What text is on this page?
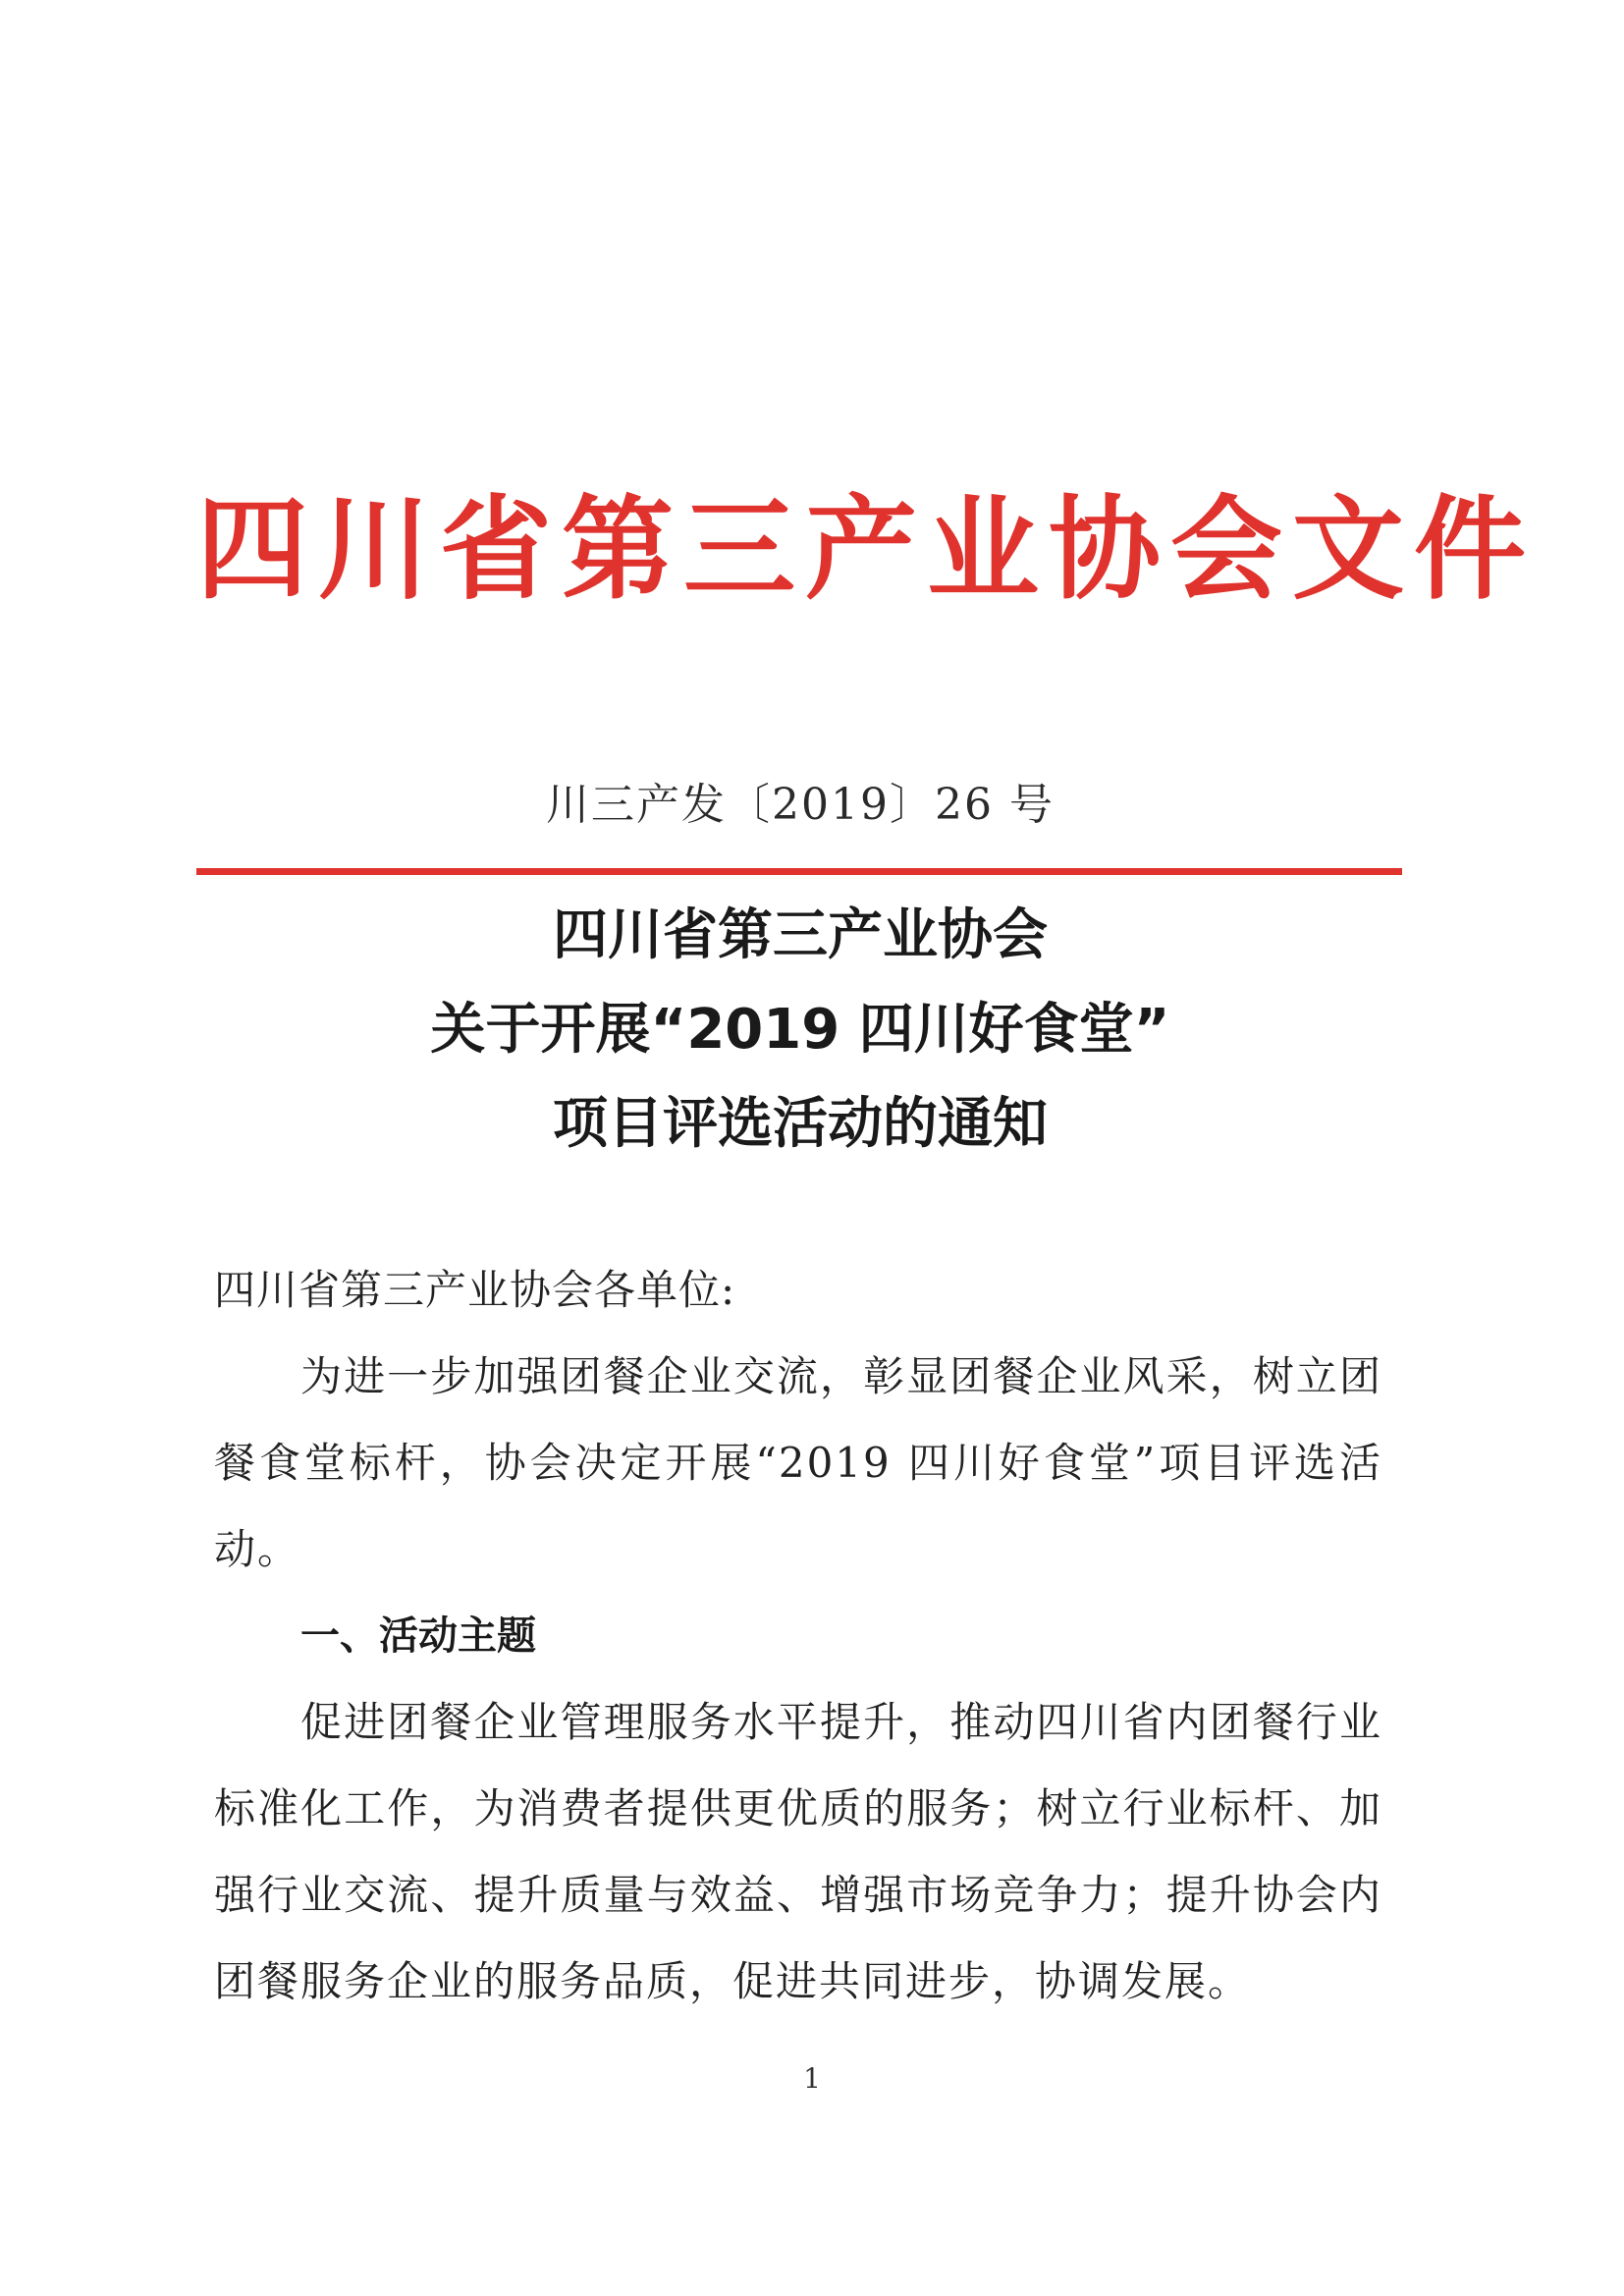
四川省第三产业协会文件
川三产发〔2019〕26 号
四川省第三产业协会
关于开展“2019 四川好食堂”
项目评选活动的通知
四川省第三产业协会各单位:

为进一步加强团餐企业交流，彰显团餐企业风采，树立团餐食堂标杆，协会决定开展“2019 四川好食堂”项目评选活动。

一、活动主题

促进团餐企业管理服务水平提升，推动四川省内团餐行业标准化工作，为消费者提供更优质的服务；树立行业标杆、加强行业交流、提升质量与效益、增强市场竞争力；提升协会内团餐服务企业的服务品质，促进共同进步，协调发展。

1
